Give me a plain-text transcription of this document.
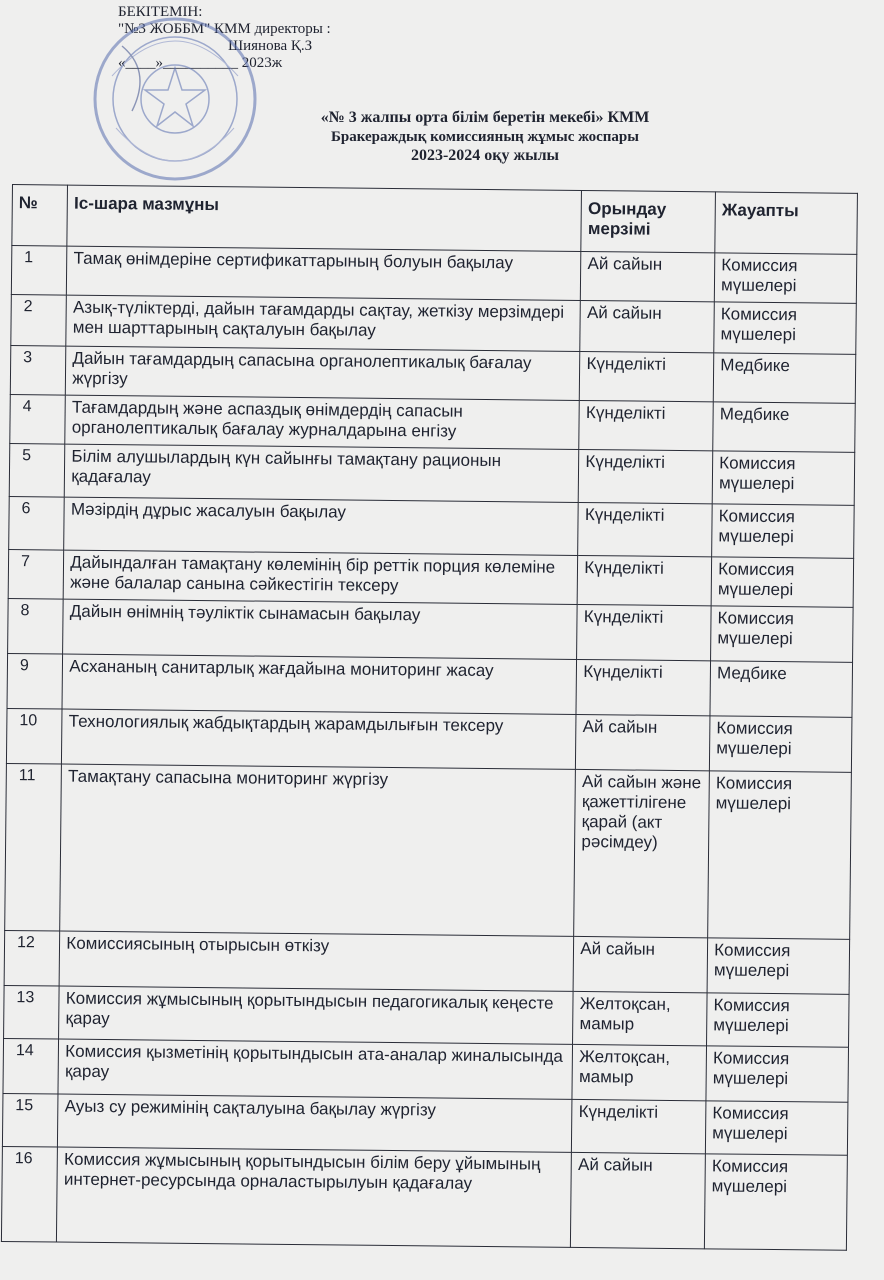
БЕКІТЕМІН:
"№3 ЖОББМ" КММ директоры :
Шиянова Қ.З
«____»__________ 2023ж
«№ 3 жалпы орта білім беретін мекебі» КММ
Бракераждық комиссияның жұмыс жоспары
2023-2024 оқу жылы
№	Іс-шара мазмұны	Орындау мерзімі	Жауапты
1	Тамақ өнімдеріне сертификаттарының болуын бақылау	Ай сайын	Комиссия мүшелері
2	Азық-түліктерді, дайын тағамдарды сақтау, жеткізу мерзімдері мен шарттарының сақталуын бақылау	Ай сайын	Комиссия мүшелері
3	Дайын тағамдардың сапасына органолептикалық бағалау жүргізу	Күнделікті	Медбике
4	Тағамдардың және аспаздық өнімдердің сапасын органолептикалық бағалау журналдарына енгізу	Күнделікті	Медбике
5	Білім алушылардың күн сайынғы тамақтану рационын қадағалау	Күнделікті	Комиссия мүшелері
6	Мәзірдің дұрыс жасалуын бақылау	Күнделікті	Комиссия мүшелері
7	Дайындалған тамақтану көлемінің бір реттік порция көлеміне және балалар санына сәйкестігін тексеру	Күнделікті	Комиссия мүшелері
8	Дайын өнімнің тәуліктік сынамасын бақылау	Күнделікті	Комиссия мүшелері
9	Асхананың санитарлық жағдайына мониторинг жасау	Күнделікті	Медбике
10	Технологиялық жабдықтардың жарамдылығын тексеру	Ай сайын	Комиссия мүшелері
11	Тамақтану сапасына мониторинг жүргізу	Ай сайын және қажеттілігене қарай (акт рәсімдеу)	Комиссия мүшелері
12	Комиссиясының отырысын өткізу	Ай сайын	Комиссия мүшелері
13	Комиссия жұмысының қорытындысын педагогикалық кеңесте қарау	Желтоқсан, мамыр	Комиссия мүшелері
14	Комиссия қызметінің қорытындысын ата-аналар жиналысында қарау	Желтоқсан, мамыр	Комиссия мүшелері
15	Ауыз су режимінің сақталуына бақылау жүргізу	Күнделікті	Комиссия мүшелері
16	Комиссия жұмысының қорытындысын білім беру ұйымының интернет-ресурсында орналастырылуын қадағалау	Ай сайын	Комиссия мүшелері
